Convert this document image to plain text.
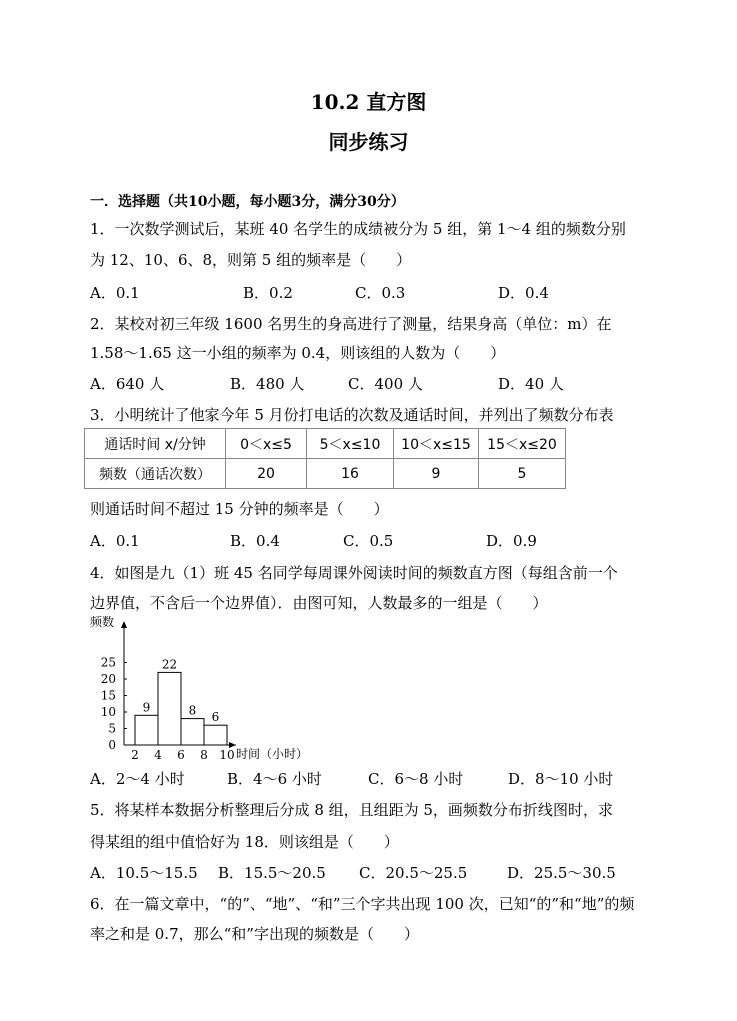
10.2 直方图
同步练习
一．选择题（共10小题，每小题3分，满分30分）
1．一次数学测试后，某班 40 名学生的成绩被分为 5 组，第 1～4 组的频数分别
为 12、10、6、8，则第 5 组的频率是（　　）
A．0.1	B．0.2	C．0.3	D．0.4
2．某校对初三年级 1600 名男生的身高进行了测量，结果身高（单位：m）在
1.58～1.65 这一小组的频率为 0.4，则该组的人数为（　　）
A．640 人	B．480 人	C．400 人	D．40 人
3．小明统计了他家今年 5 月份打电话的次数及通话时间，并列出了频数分布表
通话时间 x/分钟	0＜x≤5	5＜x≤10	10＜x≤15	15＜x≤20
频数（通话次数）	20	16	9	5
则通话时间不超过 15 分钟的频率是（　　）
A．0.1	B．0.4	C．0.5	D．0.9
4．如图是九（1）班 45 名同学每周课外阅读时间的频数直方图（每组含前一个
边界值，不含后一个边界值）．由图可知，人数最多的一组是（　　）
频数
时间（小时）
0
5
10
15
20
25
2 4 6 8 10
9
22
8 6
A．2～4 小时	B．4～6 小时	C．6～8 小时	D．8～10 小时
5．将某样本数据分析整理后分成 8 组，且组距为 5，画频数分布折线图时，求
得某组的组中值恰好为 18．则该组是（　　）
A．10.5～15.5 B．15.5～20.5 C．20.5～25.5	D．25.5～30.5
6．在一篇文章中，“的”、“地”、“和”三个字共出现 100 次，已知“的”和“地”的频
率之和是 0.7，那么“和”字出现的频数是（　　）
